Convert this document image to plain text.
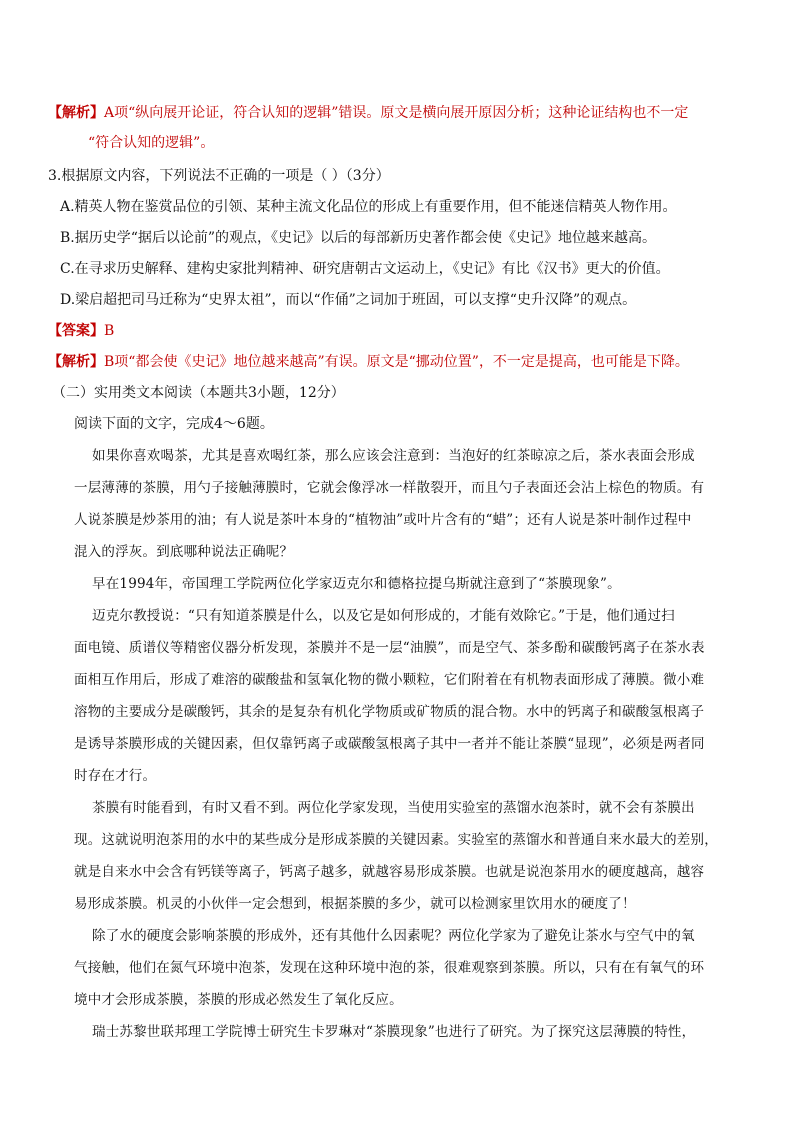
【解析】A项“纵向展开论证，符合认知的逻辑”错误。原文是横向展开原因分析；这种论证结构也不一定
“符合认知的逻辑”。
3.根据原文内容，下列说法不正确的一项是（ ）（3分）
A.精英人物在鉴赏品位的引领、某种主流文化品位的形成上有重要作用，但不能迷信精英人物作用。
B.据历史学“据后以论前”的观点，《史记》以后的每部新历史著作都会使《史记》地位越来越高。
C.在寻求历史解释、建构史家批判精神、研究唐朝古文运动上，《史记》有比《汉书》更大的价值。
D.梁启超把司马迁称为“史界太祖”，而以“作俑”之词加于班固，可以支撑“史升汉降”的观点。
【答案】B
【解析】B项“都会使《史记》地位越来越高”有误。原文是“挪动位置”，不一定是提高，也可能是下降。
（二）实用类文本阅读（本题共3小题，12分）
阅读下面的文字，完成4～6题。
如果你喜欢喝茶，尤其是喜欢喝红茶，那么应该会注意到：当泡好的红茶晾凉之后，茶水表面会形成
一层薄薄的茶膜，用勺子接触薄膜时，它就会像浮冰一样散裂开，而且勺子表面还会沾上棕色的物质。有
人说茶膜是炒茶用的油；有人说是茶叶本身的“植物油”或叶片含有的“蜡”；还有人说是茶叶制作过程中
混入的浮灰。到底哪种说法正确呢？
早在1994年，帝国理工学院两位化学家迈克尔和德格拉提乌斯就注意到了“茶膜现象”。
迈克尔教授说：“只有知道茶膜是什么，以及它是如何形成的，才能有效除它。”于是，他们通过扫
面电镜、质谱仪等精密仪器分析发现，茶膜并不是一层“油膜”，而是空气、茶多酚和碳酸钙离子在茶水表
面相互作用后，形成了难溶的碳酸盐和氢氧化物的微小颗粒，它们附着在有机物表面形成了薄膜。微小难
溶物的主要成分是碳酸钙，其余的是复杂有机化学物质或矿物质的混合物。水中的钙离子和碳酸氢根离子
是诱导茶膜形成的关键因素，但仅靠钙离子或碳酸氢根离子其中一者并不能让茶膜“显现”，必须是两者同
时存在才行。
茶膜有时能看到，有时又看不到。两位化学家发现，当使用实验室的蒸馏水泡茶时，就不会有茶膜出
现。这就说明泡茶用的水中的某些成分是形成茶膜的关键因素。实验室的蒸馏水和普通自来水最大的差别，
就是自来水中会含有钙镁等离子，钙离子越多，就越容易形成茶膜。也就是说泡茶用水的硬度越高，越容
易形成茶膜。机灵的小伙伴一定会想到，根据茶膜的多少，就可以检测家里饮用水的硬度了！
除了水的硬度会影响茶膜的形成外，还有其他什么因素呢？两位化学家为了避免让茶水与空气中的氧
气接触，他们在氮气环境中泡茶，发现在这种环境中泡的茶，很难观察到茶膜。所以，只有在有氧气的环
境中才会形成茶膜，茶膜的形成必然发生了氧化反应。
瑞士苏黎世联邦理工学院博士研究生卡罗琳对“茶膜现象”也进行了研究。为了探究这层薄膜的特性，
